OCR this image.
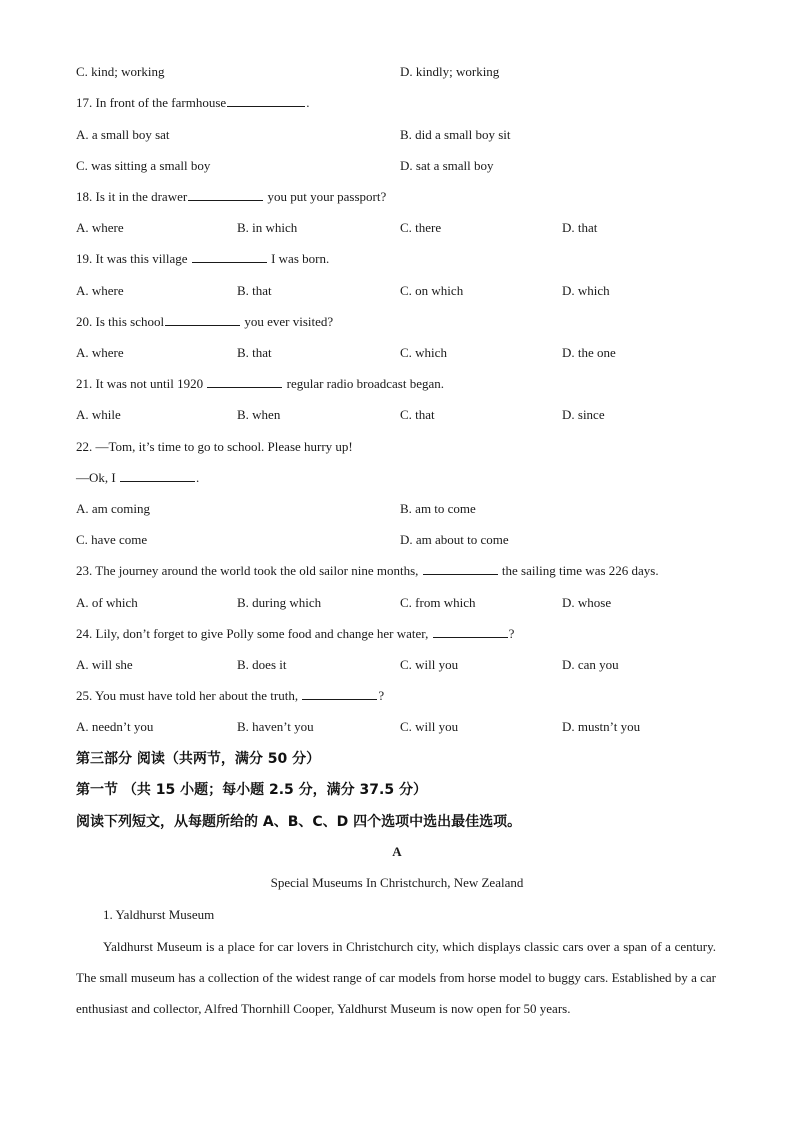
C. kind; working	D. kindly; working
17. In front of the farmhouse	.
A. a small boy sat	B. did a small boy sit
C. was sitting a small boy	D. sat a small boy
18. Is it in the drawer	you put your passport?
A. where	B. in which	C. there	D. that
19. It was this village	I was born.
A. where	B. that	C. on which	D. which
20. Is this school	you ever visited?
A. where	B. that	C. which	D. the one
21. It was not until 1920	regular radio broadcast began.
A. while	B. when	C. that	D. since
22. —Tom, it’s time to go to school. Please hurry up!
—Ok, I	.
A. am coming	B. am to come
C. have come	D. am about to come
23. The journey around the world took the old sailor nine months,	the sailing time was 226 days.
A. of which	B. during which	C. from which	D. whose
24. Lily, don’t forget to give Polly some food and change her water,	?
A. will she	B. does it	C. will you	D. can you
25. You must have told her about the truth,	?
A. needn’t you	B. haven’t you	C. will you	D. mustn’t you
第三部分 阅读（共两节，满分 50 分）
第一节 （共 15 小题；每小题 2.5 分，满分 37.5 分）
阅读下列短文，从每题所给的 A、B、C、D 四个选项中选出最佳选项。
A
Special Museums In Christchurch, New Zealand
1. Yaldhurst Museum
Yaldhurst Museum is a place for car lovers in Christchurch city, which displays classic cars over a span of a century. The small museum has a collection of the widest range of car models from horse model to buggy cars. Established by a car enthusiast and collector, Alfred Thornhill Cooper, Yaldhurst Museum is now open for 50 years.
